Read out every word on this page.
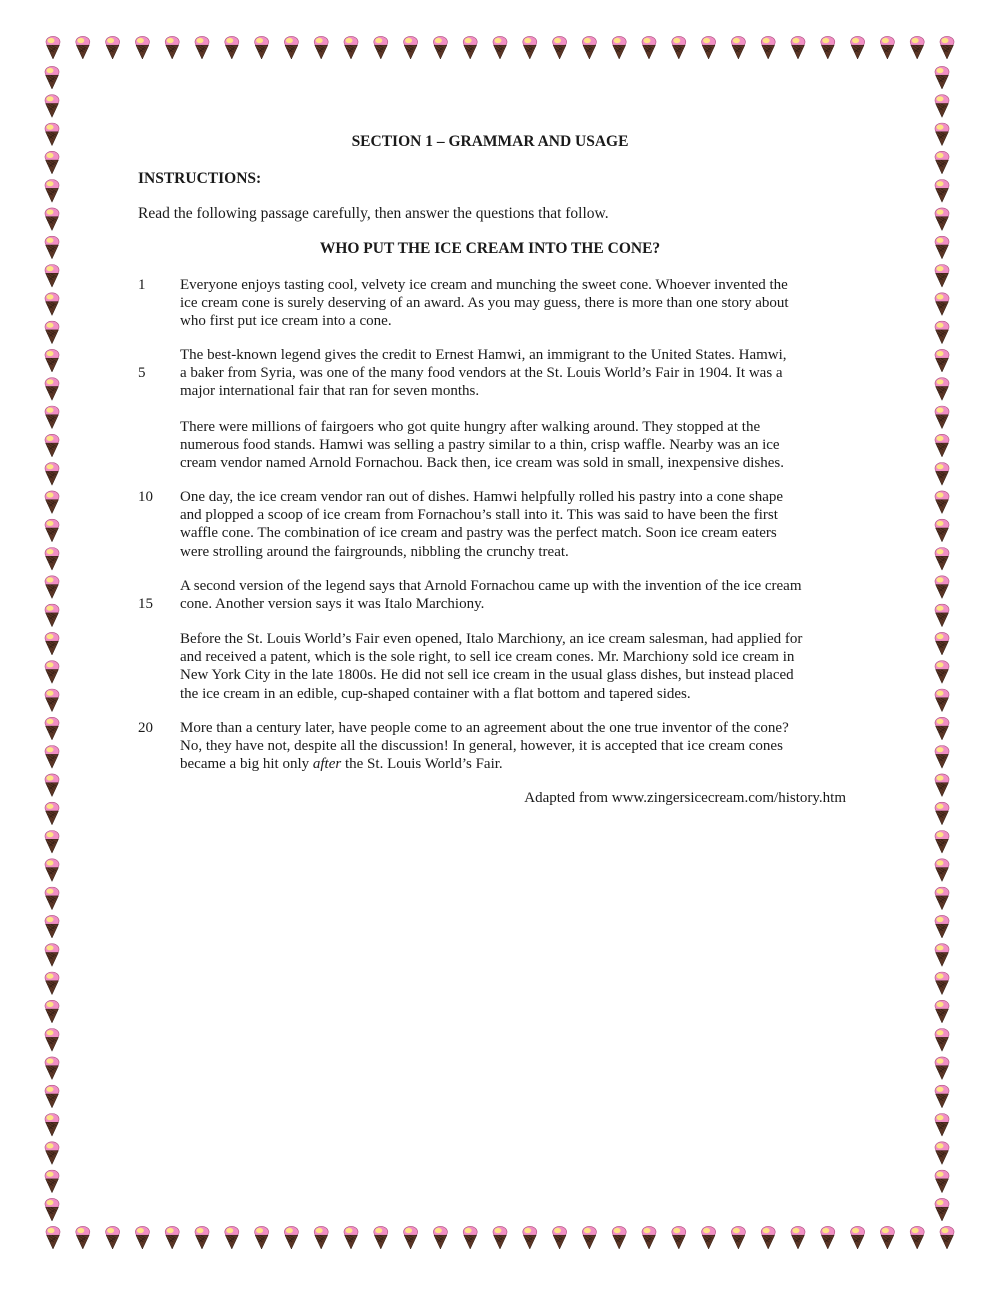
SECTION 1 – GRAMMAR AND USAGE
INSTRUCTIONS:
Read the following passage carefully, then answer the questions that follow.
WHO PUT THE ICE CREAM INTO THE CONE?
Everyone enjoys tasting cool, velvety ice cream and munching the sweet cone. Whoever invented the
ice cream cone is surely deserving of an award. As you may guess, there is more than one story about
who first put ice cream into a cone.
The best-known legend gives the credit to Ernest Hamwi, an immigrant to the United States. Hamwi,
a baker from Syria, was one of the many food vendors at the St. Louis World’s Fair in 1904. It was a
major international fair that ran for seven months.
There were millions of fairgoers who got quite hungry after walking around. They stopped at the
numerous food stands. Hamwi was selling a pastry similar to a thin, crisp waffle. Nearby was an ice
cream vendor named Arnold Fornachou. Back then, ice cream was sold in small, inexpensive dishes.
One day, the ice cream vendor ran out of dishes. Hamwi helpfully rolled his pastry into a cone shape
and plopped a scoop of ice cream from Fornachou’s stall into it. This was said to have been the first
waffle cone. The combination of ice cream and pastry was the perfect match. Soon ice cream eaters
were strolling around the fairgrounds, nibbling the crunchy treat.
A second version of the legend says that Arnold Fornachou came up with the invention of the ice cream
cone. Another version says it was Italo Marchiony.
Before the St. Louis World’s Fair even opened, Italo Marchiony, an ice cream salesman, had applied for
and received a patent, which is the sole right, to sell ice cream cones. Mr. Marchiony sold ice cream in
New York City in the late 1800s. He did not sell ice cream in the usual glass dishes, but instead placed
the ice cream in an edible, cup-shaped container with a flat bottom and tapered sides.
More than a century later, have people come to an agreement about the one true inventor of the cone?
No, they have not, despite all the discussion! In general, however, it is accepted that ice cream cones
became a big hit only after the St. Louis World’s Fair.
1
5
10
15
20
Adapted from www.zingersicecream.com/history.htm
